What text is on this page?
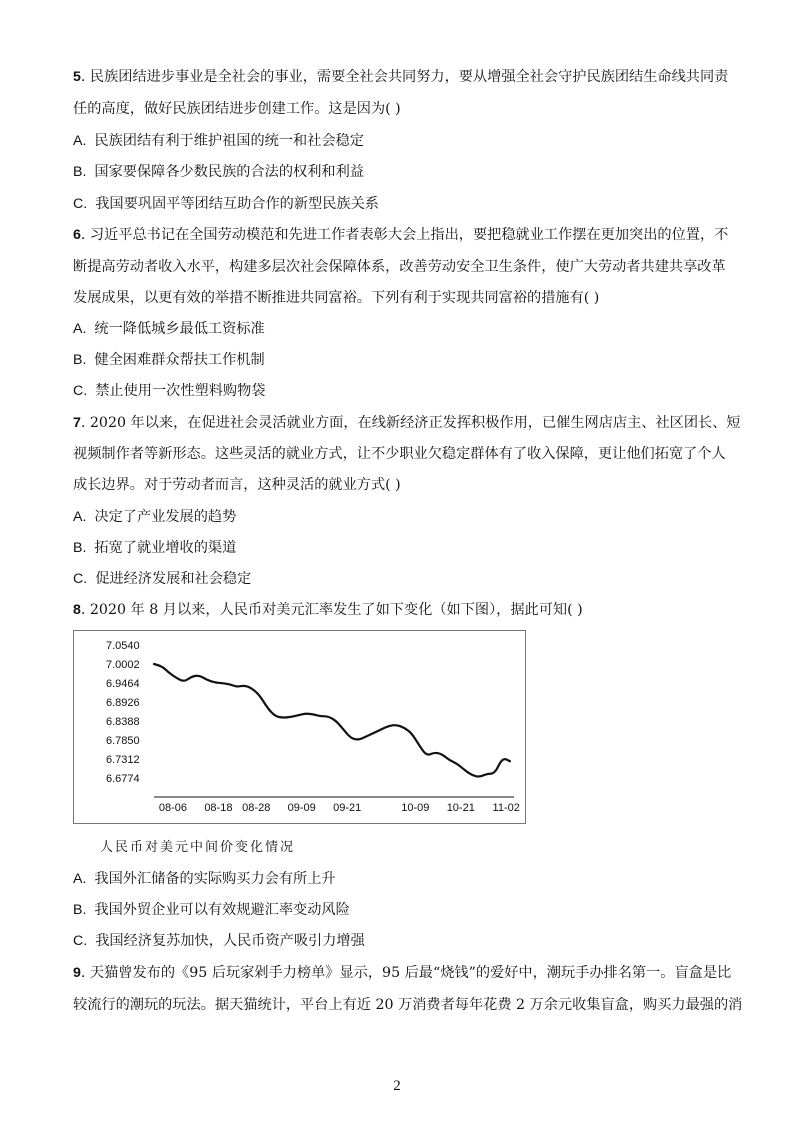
5. 民族团结进步事业是全社会的事业，需要全社会共同努力，要从增强全社会守护民族团结生命线共同责
任的高度，做好民族团结进步创建工作。这是因为( )
A. 民族团结有利于维护祖国的统一和社会稳定
B. 国家要保障各少数民族的合法的权利和利益
C. 我国要巩固平等团结互助合作的新型民族关系
6. 习近平总书记在全国劳动模范和先进工作者表彰大会上指出，要把稳就业工作摆在更加突出的位置，不
断提高劳动者收入水平，构建多层次社会保障体系，改善劳动安全卫生条件，使广大劳动者共建共享改革
发展成果，以更有效的举措不断推进共同富裕。下列有利于实现共同富裕的措施有( )
A. 统一降低城乡最低工资标准
B. 健全困难群众帮扶工作机制
C. 禁止使用一次性塑料购物袋
7. 2020 年以来，在促进社会灵活就业方面，在线新经济正发挥积极作用，已催生网店店主、社区团长、短
视频制作者等新形态。这些灵活的就业方式，让不少职业欠稳定群体有了收入保障，更让他们拓宽了个人
成长边界。对于劳动者而言，这种灵活的就业方式( )
A. 决定了产业发展的趋势
B. 拓宽了就业增收的渠道
C. 促进经济发展和社会稳定
8. 2020 年 8 月以来，人民币对美元汇率发生了如下变化（如下图），据此可知( )
7.0540
7.0002
6.9464
6.8926
6.8388
6.7850
6.7312
6.6774
08-06 08-18 08-28 09-09 09-21	10-09 10-21 11-02
人民币对美元中间价变化情况
A. 我国外汇储备的实际购买力会有所上升
B. 我国外贸企业可以有效规避汇率变动风险
C. 我国经济复苏加快，人民币资产吸引力增强
9. 天猫曾发布的《95 后玩家剁手力榜单》显示，95 后最“烧钱”的爱好中，潮玩手办排名第一。盲盒是比
较流行的潮玩的玩法。据天猫统计，平台上有近 20 万消费者每年花费 2 万余元收集盲盒，购买力最强的消
2
